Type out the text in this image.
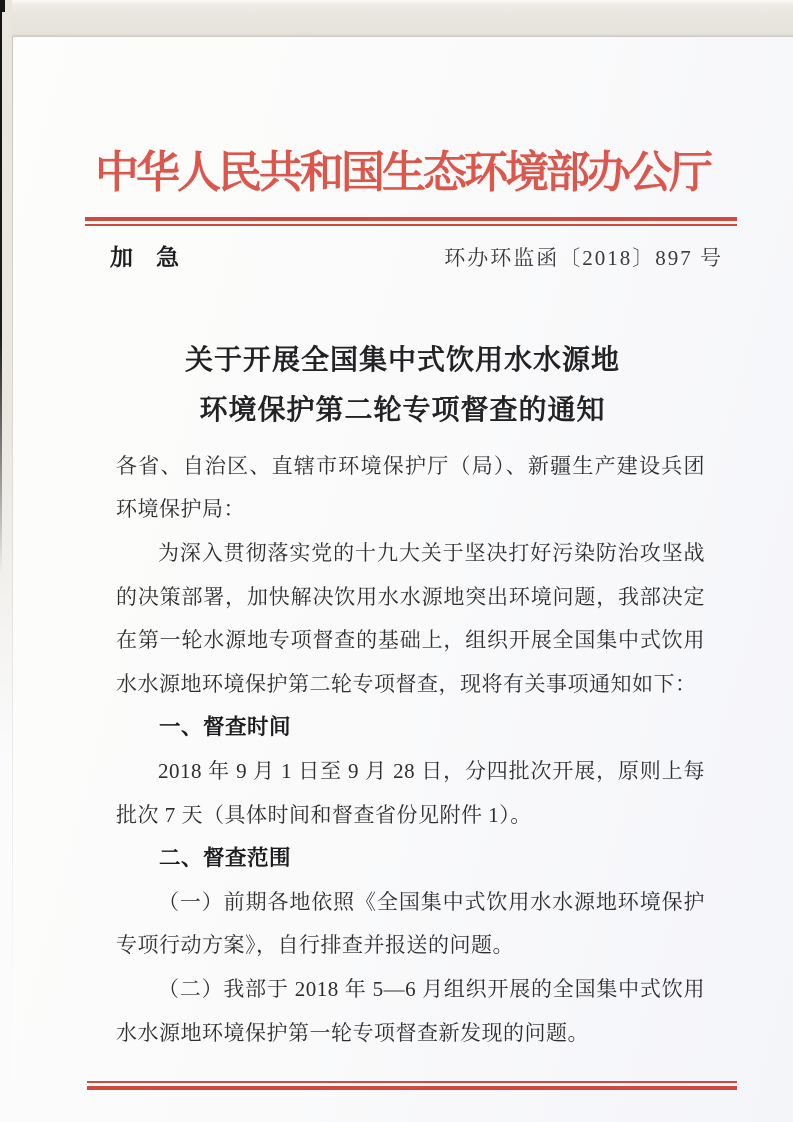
中华人民共和国生态环境部办公厅
加　急	环办环监函〔2018〕897 号
关于开展全国集中式饮用水水源地
环境保护第二轮专项督查的通知

各省、自治区、直辖市环境保护厅（局）、新疆生产建设兵团环境保护局：

为深入贯彻落实党的十九大关于坚决打好污染防治攻坚战的决策部署，加快解决饮用水水源地突出环境问题，我部决定在第一轮水源地专项督查的基础上，组织开展全国集中式饮用水水源地环境保护第二轮专项督查，现将有关事项通知如下：

一、督查时间

2018 年 9 月 1 日至 9 月 28 日，分四批次开展，原则上每批次 7 天（具体时间和督查省份见附件 1）。

二、督查范围

（一）前期各地依照《全国集中式饮用水水源地环境保护专项行动方案》，自行排查并报送的问题。

（二）我部于 2018 年 5—6 月组织开展的全国集中式饮用水水源地环境保护第一轮专项督查新发现的问题。
